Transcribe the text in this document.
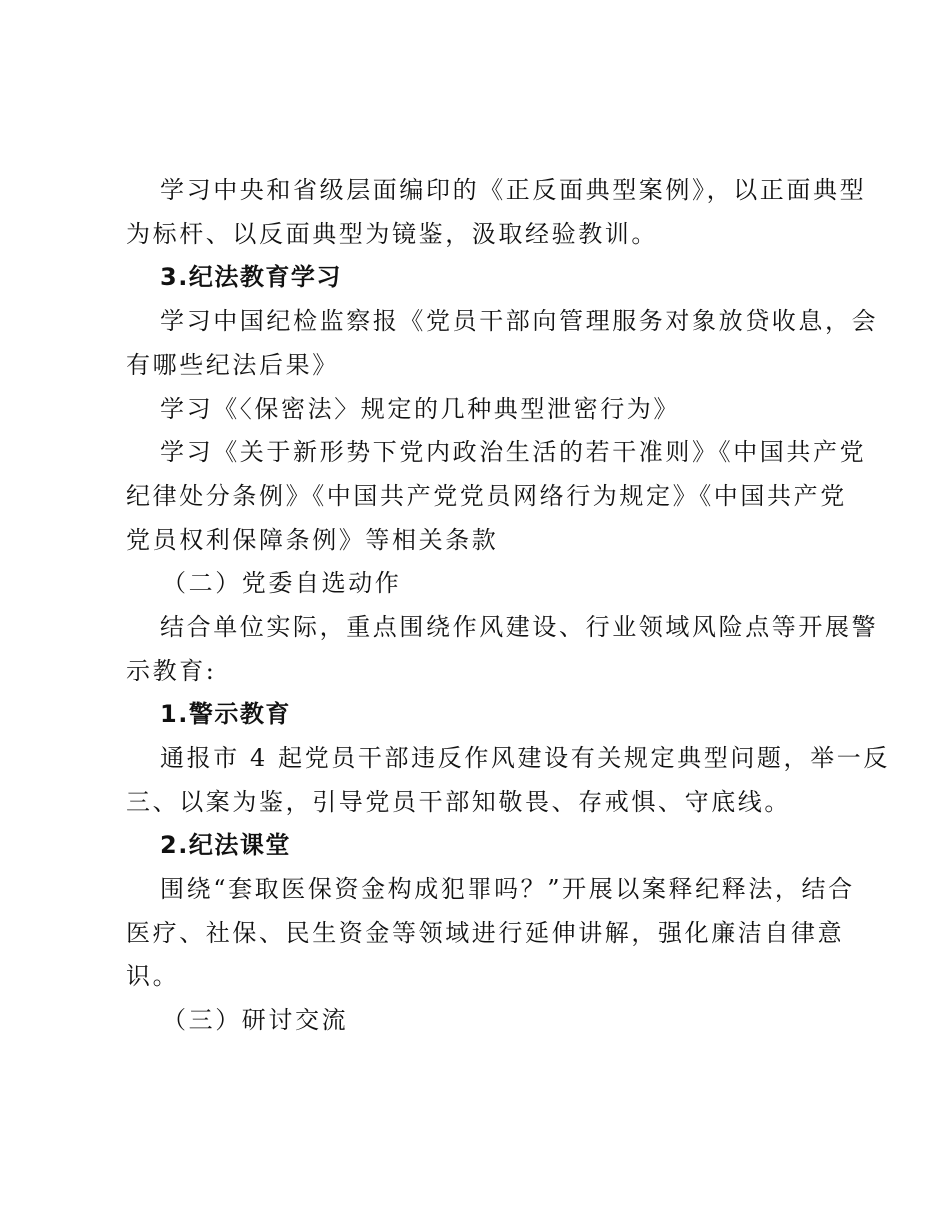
学习中央和省级层面编印的《正反面典型案例》，以正面典型
为标杆、以反面典型为镜鉴，汲取经验教训。
3.纪法教育学习
学习中国纪检监察报《党员干部向管理服务对象放贷收息，会
有哪些纪法后果》
学习《〈保密法〉规定的几种典型泄密行为》
学习《关于新形势下党内政治生活的若干准则》《中国共产党
纪律处分条例》《中国共产党党员网络行为规定》《中国共产党
党员权利保障条例》等相关条款
（二）党委自选动作
结合单位实际，重点围绕作风建设、行业领域风险点等开展警
示教育:
1.警示教育
通报市 4 起党员干部违反作风建设有关规定典型问题，举一反
三、以案为鉴，引导党员干部知敬畏、存戒惧、守底线。
2.纪法课堂
围绕“套取医保资金构成犯罪吗？”开展以案释纪释法，结合
医疗、社保、民生资金等领域进行延伸讲解，强化廉洁自律意
识。
（三）研讨交流
